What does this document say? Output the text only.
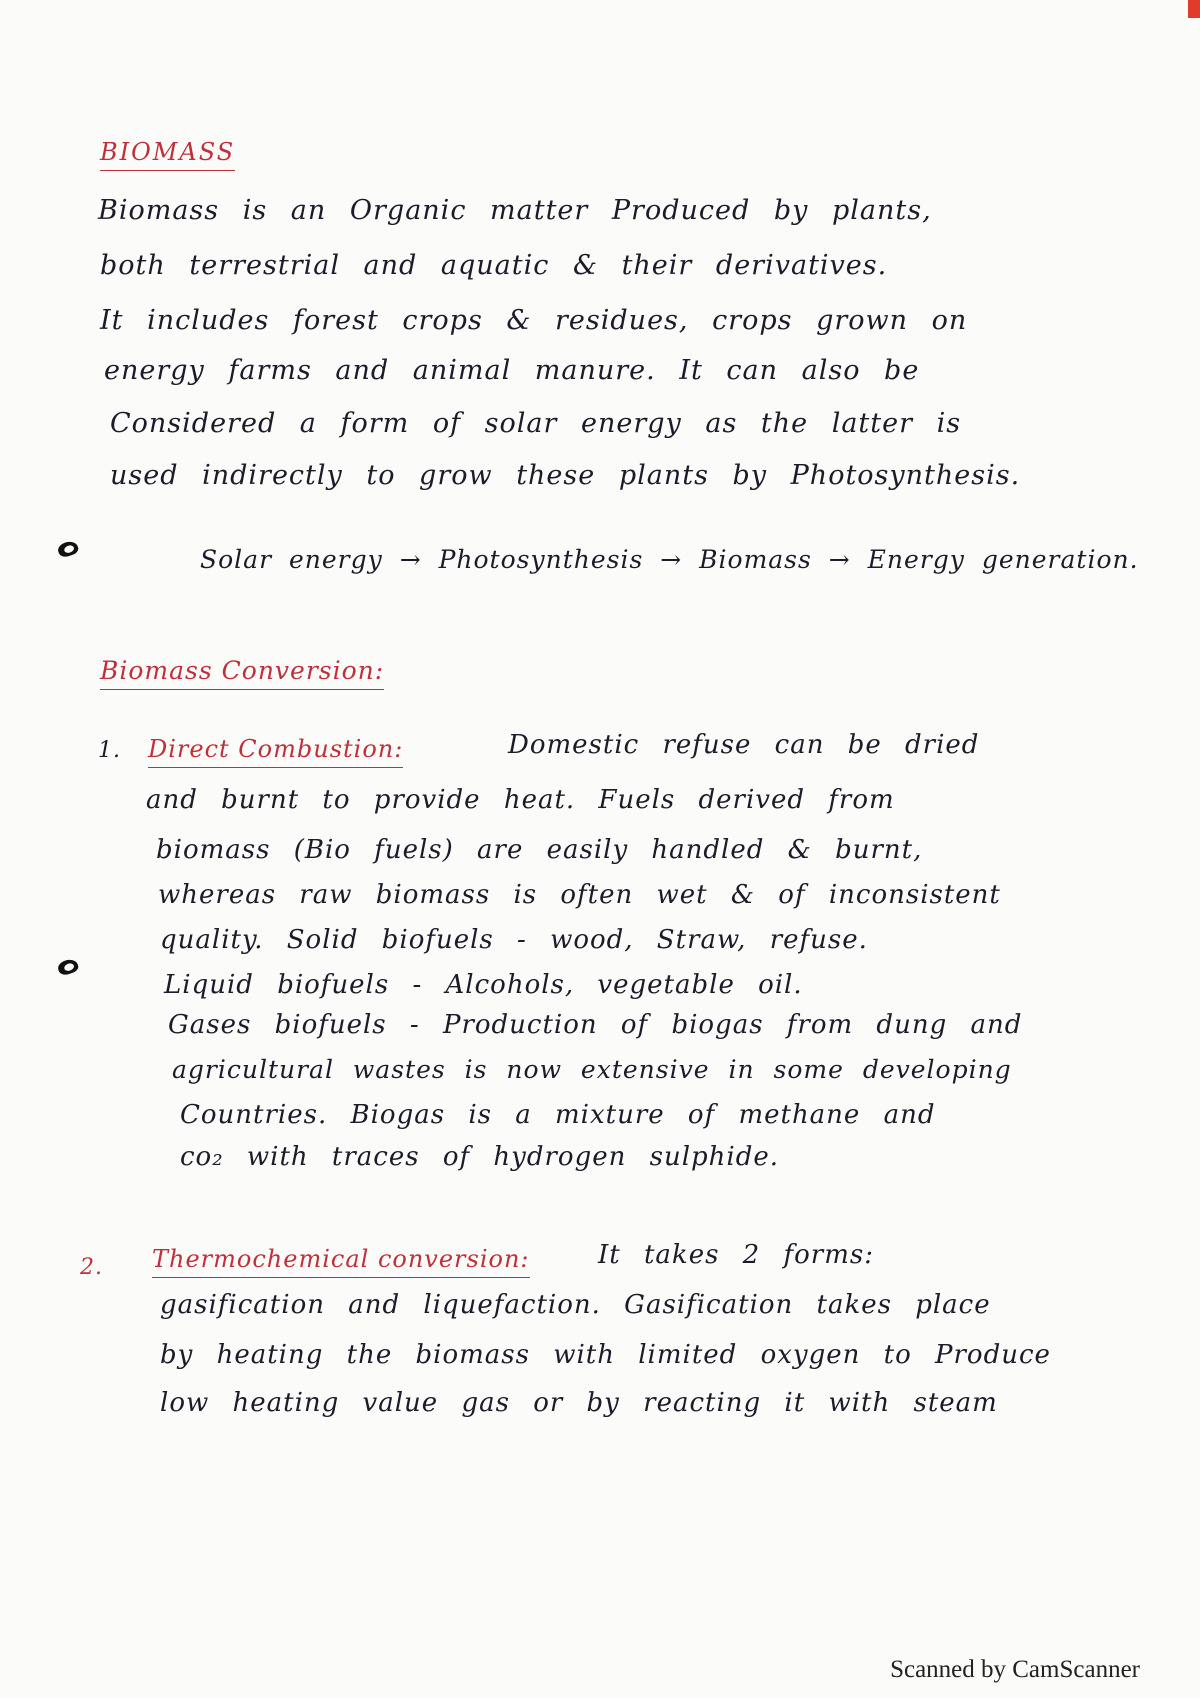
BIOMASS
Biomass is an Organic matter Produced by plants,
both terrestrial and aquatic & their derivatives.
It includes forest crops & residues, crops grown on
energy farms and animal manure. It can also be
Considered a form of solar energy as the latter is
used indirectly to grow these plants by Photosynthesis.
Solar energy → Photosynthesis → Biomass → Energy generation.
Biomass Conversion:
1. Direct Combustion:	Domestic refuse can be dried
and burnt to provide heat. Fuels derived from
biomass (Bio fuels) are easily handled & burnt,
whereas raw biomass is often wet & of inconsistent
quality. Solid biofuels - wood, Straw, refuse.
Liquid biofuels - Alcohols, vegetable oil.
Gases biofuels - Production of biogas from dung and
agricultural wastes is now extensive in some developing
Countries. Biogas is a mixture of methane and
co₂ with traces of hydrogen sulphide.
2. Thermochemical conversion:	It takes 2 forms:
gasification and liquefaction. Gasification takes place
by heating the biomass with limited oxygen to Produce
low heating value gas or by reacting it with steam
Scanned by CamScanner
